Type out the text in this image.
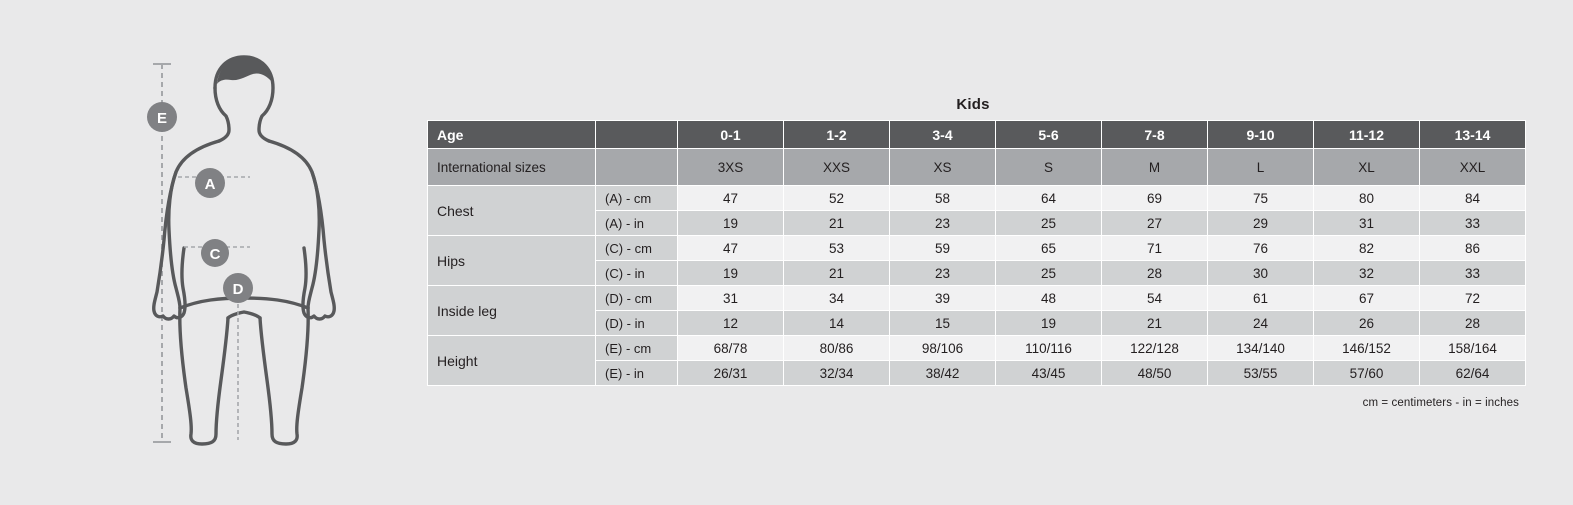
E
A
C
D
Kids
Age		0-1	1-2	3-4	5-6	7-8	9-10	11-12	13-14
International sizes		3XS	XXS	XS	S	M	L	XL	XXL
Chest	(A) - cm	47	52	58	64	69	75	80	84
	(A) - in	19	21	23	25	27	29	31	33
Hips	(C) - cm	47	53	59	65	71	76	82	86
	(C) - in	19	21	23	25	28	30	32	33
Inside leg	(D) - cm	31	34	39	48	54	61	67	72
	(D) - in	12	14	15	19	21	24	26	28
Height	(E) - cm	68/78	80/86	98/106	110/116	122/128	134/140	146/152	158/164
	(E) - in	26/31	32/34	38/42	43/45	48/50	53/55	57/60	62/64
cm = centimeters - in = inches
